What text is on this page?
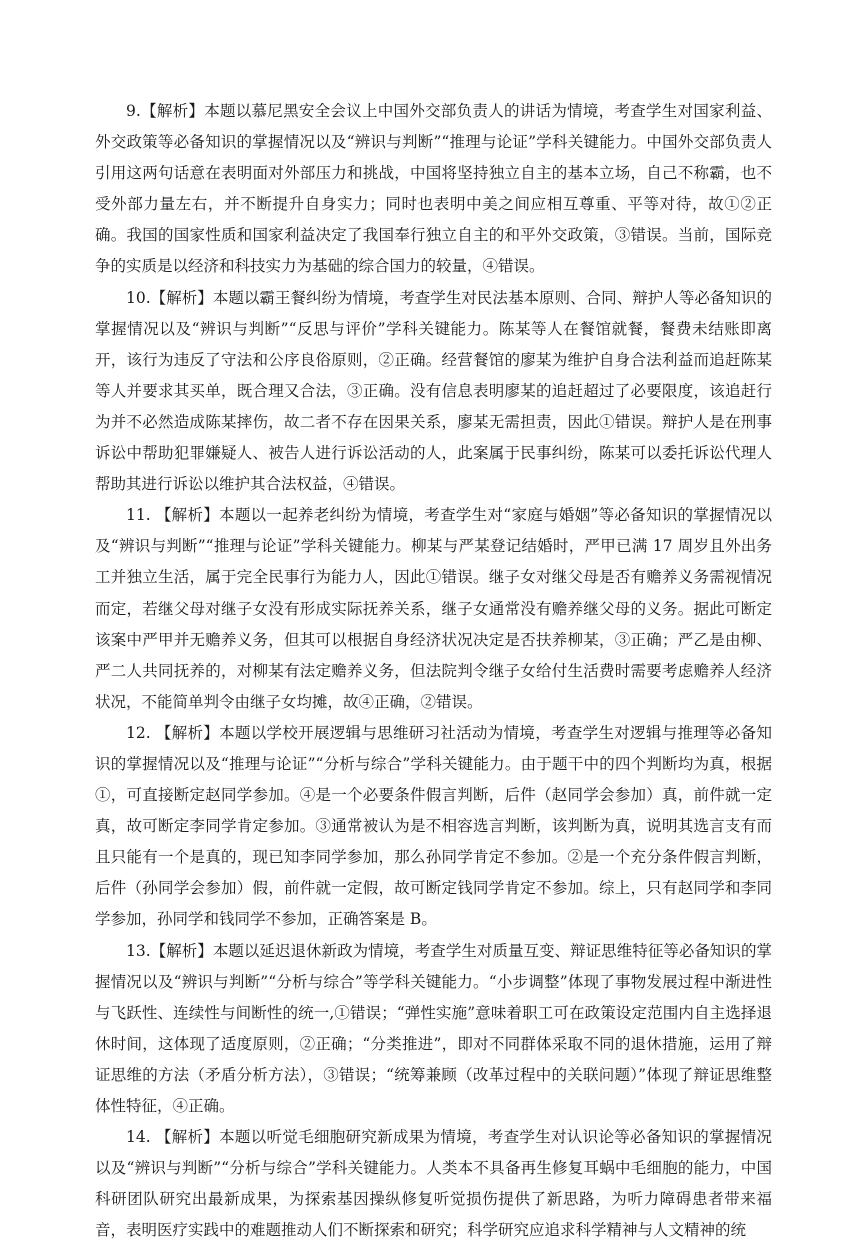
9.【解析】本题以慕尼黑安全会议上中国外交部负责人的讲话为情境，考查学生对国家利益、外交政策等必备知识的掌握情况以及“辨识与判断”“推理与论证”学科关键能力。中国外交部负责人引用这两句话意在表明面对外部压力和挑战，中国将坚持独立自主的基本立场，自己不称霸，也不受外部力量左右，并不断提升自身实力；同时也表明中美之间应相互尊重、平等对待，故①②正确。我国的国家性质和国家利益决定了我国奉行独立自主的和平外交政策，③错误。当前，国际竞争的实质是以经济和科技实力为基础的综合国力的较量，④错误。

10.【解析】本题以霸王餐纠纷为情境，考查学生对民法基本原则、合同、辩护人等必备知识的掌握情况以及“辨识与判断”“反思与评价”学科关键能力。陈某等人在餐馆就餐，餐费未结账即离开，该行为违反了守法和公序良俗原则，②正确。经营餐馆的廖某为维护自身合法利益而追赶陈某等人并要求其买单，既合理又合法，③正确。没有信息表明廖某的追赶超过了必要限度，该追赶行为并不必然造成陈某摔伤，故二者不存在因果关系，廖某无需担责，因此①错误。辩护人是在刑事诉讼中帮助犯罪嫌疑人、被告人进行诉讼活动的人，此案属于民事纠纷，陈某可以委托诉讼代理人帮助其进行诉讼以维护其合法权益，④错误。

11. 【解析】本题以一起养老纠纷为情境，考查学生对“家庭与婚姻”等必备知识的掌握情况以及“辨识与判断”“推理与论证”学科关键能力。柳某与严某登记结婚时，严甲已满 17 周岁且外出务工并独立生活，属于完全民事行为能力人，因此①错误。继子女对继父母是否有赡养义务需视情况而定，若继父母对继子女没有形成实际抚养关系，继子女通常没有赡养继父母的义务。据此可断定该案中严甲并无赡养义务，但其可以根据自身经济状况决定是否扶养柳某，③正确；严乙是由柳、严二人共同抚养的，对柳某有法定赡养义务，但法院判令继子女给付生活费时需要考虑赡养人经济状况，不能简单判令由继子女均摊，故④正确，②错误。

12. 【解析】本题以学校开展逻辑与思维研习社活动为情境，考查学生对逻辑与推理等必备知识的掌握情况以及“推理与论证”“分析与综合”学科关键能力。由于题干中的四个判断均为真，根据①，可直接断定赵同学参加。④是一个必要条件假言判断，后件（赵同学会参加）真，前件就一定真，故可断定李同学肯定参加。③通常被认为是不相容选言判断，该判断为真，说明其选言支有而且只能有一个是真的，现已知李同学参加，那么孙同学肯定不参加。②是一个充分条件假言判断，后件（孙同学会参加）假，前件就一定假，故可断定钱同学肯定不参加。综上，只有赵同学和李同学参加，孙同学和钱同学不参加，正确答案是 B。

13.【解析】本题以延迟退休新政为情境，考查学生对质量互变、辩证思维特征等必备知识的掌握情况以及“辨识与判断”“分析与综合”等学科关键能力。“小步调整”体现了事物发展过程中渐进性与飞跃性、连续性与间断性的统一,①错误；“弹性实施”意味着职工可在政策设定范围内自主选择退休时间，这体现了适度原则，②正确；“分类推进”，即对不同群体采取不同的退休措施，运用了辩证思维的方法（矛盾分析方法），③错误；“统筹兼顾（改革过程中的关联问题）”体现了辩证思维整体性特征，④正确。

14. 【解析】本题以听觉毛细胞研究新成果为情境，考查学生对认识论等必备知识的掌握情况以及“辨识与判断”“分析与综合”学科关键能力。人类本不具备再生修复耳蜗中毛细胞的能力，中国科研团队研究出最新成果，为探索基因操纵修复听觉损伤提供了新思路，为听力障碍患者带来福音，表明医疗实践中的难题推动人们不断探索和研究；科学研究应追求科学精神与人文精神的统
